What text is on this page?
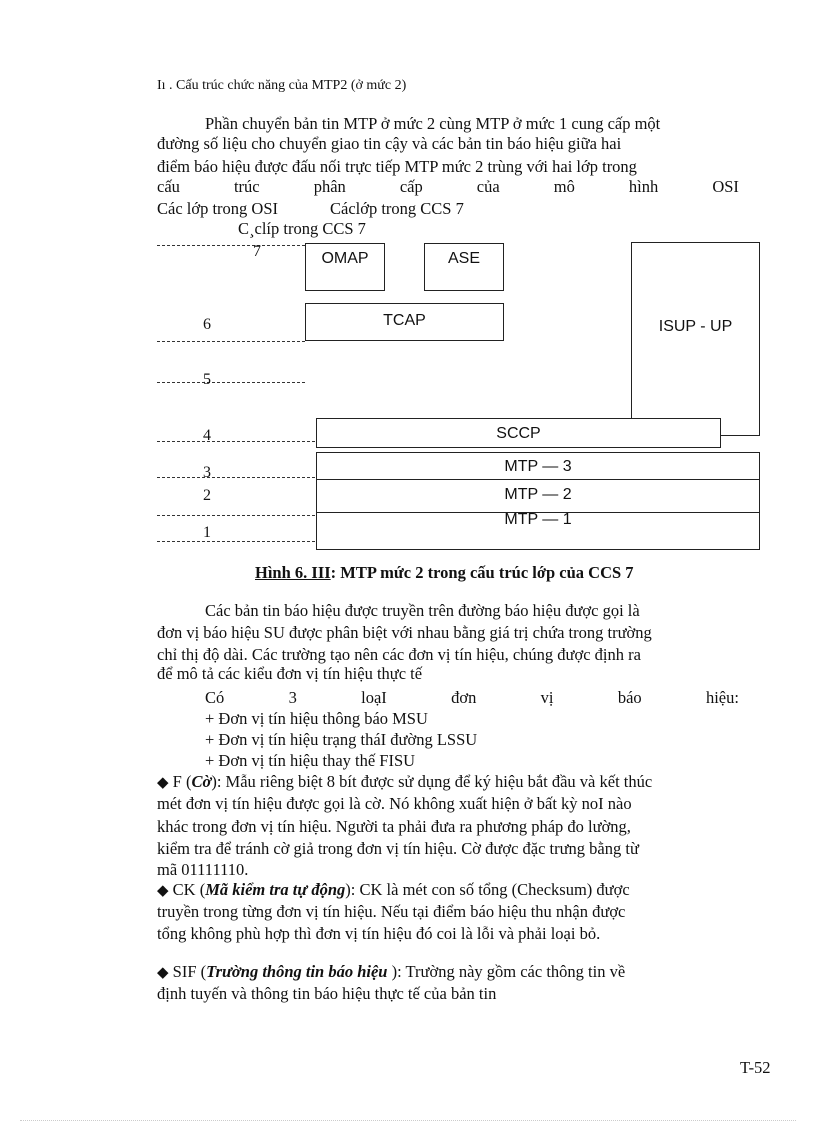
Iı . Cấu trúc chức năng của MTP2 (ở mức 2)
Phần chuyển bản tin MTP ở mức 2 cùng MTP ở mức 1 cung cấp một
đường số liệu cho chuyển giao tin cậy và các bản tin báo hiệu giữa hai
điểm báo hiệu được đấu nối trực tiếp MTP mức 2 trùng với hai lớp trong
cấu	trúc	phân	cấp	của	mô	hình	OSI
Các lớp trong OSI	Cáclớp trong CCS 7
C¸clíp trong CCS 7
7
6
5
4
3
2
1
OMAP	ASE
TCAP	ISUP - UP
SCCP
MTP — 3
MTP — 2
MTP — 1
Hình 6. III: MTP mức 2 trong cấu trúc lớp của CCS 7
Các bản tin báo hiệu được truyền trên đường báo hiệu được gọi là
đơn vị báo hiệu SU được phân biệt với nhau bằng giá trị chứa trong trường
chỉ thị độ dài. Các trường tạo nên các đơn vị tín hiệu, chúng được định ra
để mô tả các kiểu đơn vị tín hiệu thực tế
Có	3	loạI	đơn	vị	báo	hiệu:
+ Đơn vị tín hiệu thông báo MSU
+ Đơn vị tín hiệu trạng tháI đường LSSU
+ Đơn vị tín hiệu thay thế FISU
◆ F (Cờ): Mẫu riêng biệt 8 bít được sử dụng để ký hiệu bắt đầu và kết thúc
mét đơn vị tín hiệu được gọi là cờ. Nó không xuất hiện ở bất kỳ noI nào
khác trong đơn vị tín hiệu. Người ta phải đưa ra phương pháp đo lường,
kiểm tra để tránh cờ giả trong đơn vị tín hiệu. Cờ được đặc trưng bằng từ
mã 01111110.
◆ CK (Mã kiểm tra tự động): CK là mét con số tổng (Checksum) được
truyền trong từng đơn vị tín hiệu. Nếu tại điểm báo hiệu thu nhận được
tổng không phù hợp thì đơn vị tín hiệu đó coi là lỗi và phải loại bỏ.
◆ SIF (Trường thông tin báo hiệu ): Trường này gồm các thông tin về
định tuyến và thông tin báo hiệu thực tế của bản tin
T-52
